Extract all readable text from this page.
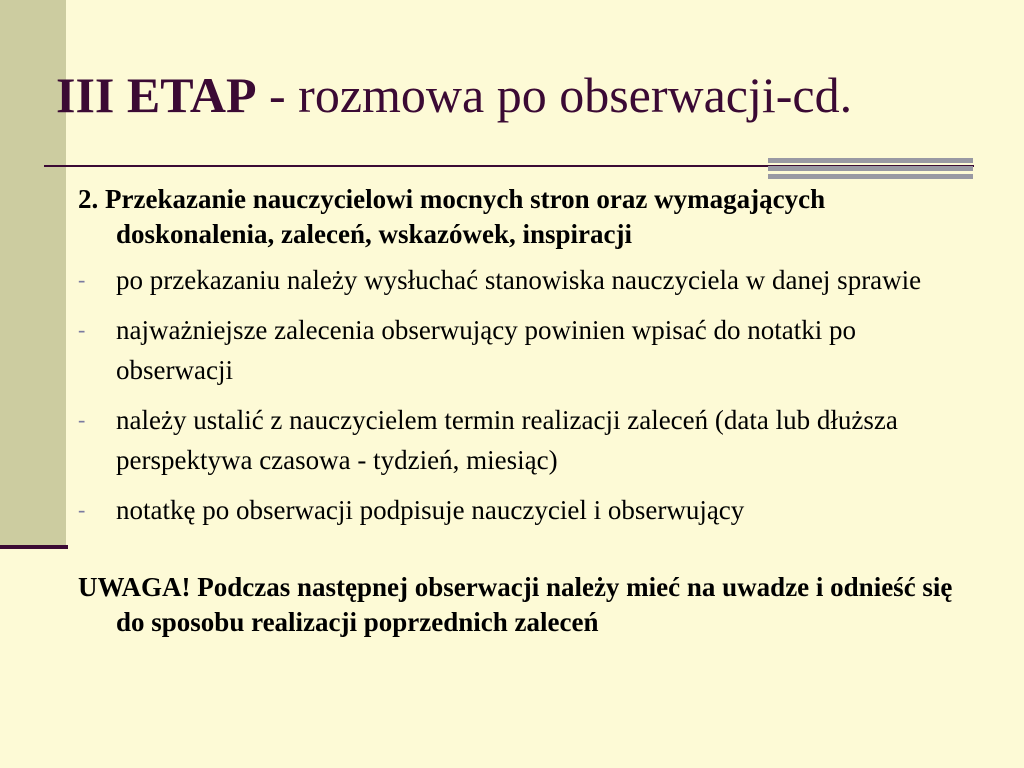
III ETAP - rozmowa po obserwacji-cd.

2. Przekazanie nauczycielowi mocnych stron oraz wymagających doskonalenia, zaleceń, wskazówek, inspiracji

- po przekazaniu należy wysłuchać stanowiska nauczyciela w danej sprawie
- najważniejsze zalecenia obserwujący powinien wpisać do notatki po obserwacji
- należy ustalić z nauczycielem termin realizacji zaleceń (data lub dłuższa perspektywa czasowa - tydzień, miesiąc)
- notatkę po obserwacji podpisuje nauczyciel i obserwujący

UWAGA! Podczas następnej obserwacji należy mieć na uwadze i odnieść się do sposobu realizacji poprzednich zaleceń
